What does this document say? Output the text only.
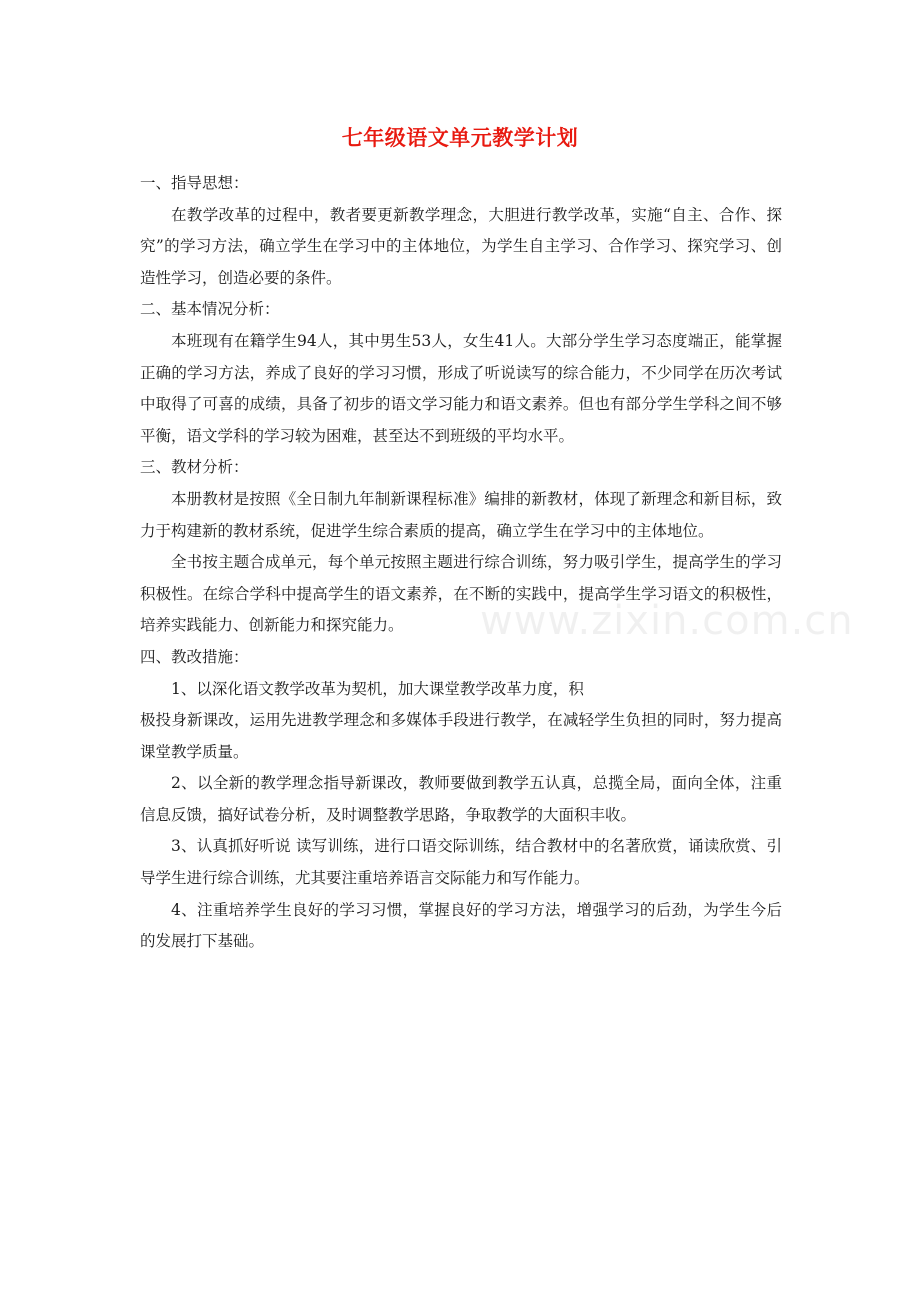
七年级语文单元教学计划
www.zixin.com.cn

一、指导思想：

在教学改革的过程中，教者要更新教学理念，大胆进行教学改革，实施“自主、合作、探究”的学习方法，确立学生在学习中的主体地位，为学生自主学习、合作学习、探究学习、创造性学习，创造必要的条件。

二、基本情况分析：

本班现有在籍学生94人，其中男生53人，女生41人。大部分学生学习态度端正，能掌握正确的学习方法，养成了良好的学习习惯，形成了听说读写的综合能力，不少同学在历次考试中取得了可喜的成绩，具备了初步的语文学习能力和语文素养。但也有部分学生学科之间不够平衡，语文学科的学习较为困难，甚至达不到班级的平均水平。

三、教材分析：

本册教材是按照《全日制九年制新课程标准》编排的新教材，体现了新理念和新目标，致力于构建新的教材系统，促进学生综合素质的提高，确立学生在学习中的主体地位。

全书按主题合成单元，每个单元按照主题进行综合训练，努力吸引学生，提高学生的学习积极性。在综合学科中提高学生的语文素养，在不断的实践中，提高学生学习语文的积极性，培养实践能力、创新能力和探究能力。

四、教改措施：

1、以深化语文教学改革为契机，加大课堂教学改革力度，积

极投身新课改，运用先进教学理念和多媒体手段进行教学，在减轻学生负担的同时，努力提高课堂教学质量。

2、以全新的教学理念指导新课改，教师要做到教学五认真，总揽全局，面向全体，注重信息反馈，搞好试卷分析，及时调整教学思路，争取教学的大面积丰收。

3、认真抓好听说 读写训练，进行口语交际训练，结合教材中的名著欣赏，诵读欣赏、引导学生进行综合训练，尤其要注重培养语言交际能力和写作能力。

4、注重培养学生良好的学习习惯，掌握良好的学习方法，增强学习的后劲，为学生今后的发展打下基础。
